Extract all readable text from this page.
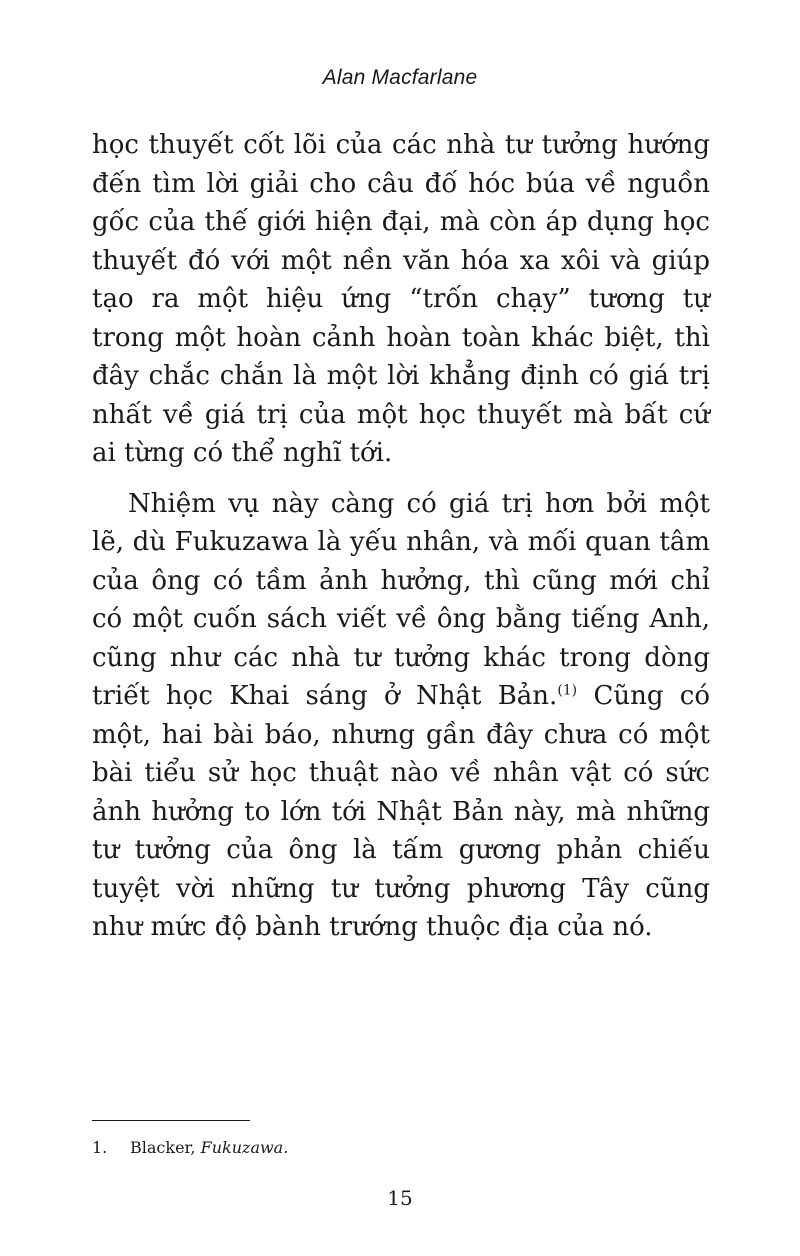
Alan Macfarlane

học thuyết cốt lõi của các nhà tư tưởng hướng đến tìm lời giải cho câu đố hóc búa về nguồn gốc của thế giới hiện đại, mà còn áp dụng học thuyết đó với một nền văn hóa xa xôi và giúp tạo ra một hiệu ứng “trốn chạy” tương tự trong một hoàn cảnh hoàn toàn khác biệt, thì đây chắc chắn là một lời khẳng định có giá trị nhất về giá trị của một học thuyết mà bất cứ ai từng có thể nghĩ tới.

Nhiệm vụ này càng có giá trị hơn bởi một lẽ, dù Fukuzawa là yếu nhân, và mối quan tâm của ông có tầm ảnh hưởng, thì cũng mới chỉ có một cuốn sách viết về ông bằng tiếng Anh, cũng như các nhà tư tưởng khác trong dòng triết học Khai sáng ở Nhật Bản.$^{(1)}$ Cũng có một, hai bài báo, nhưng gần đây chưa có một bài tiểu sử học thuật nào về nhân vật có sức ảnh hưởng to lớn tới Nhật Bản này, mà những tư tưởng của ông là tấm gương phản chiếu tuyệt vời những tư tưởng phương Tây cũng như mức độ bành trướng thuộc địa của nó.

1. Blacker, Fukuzawa.
15
